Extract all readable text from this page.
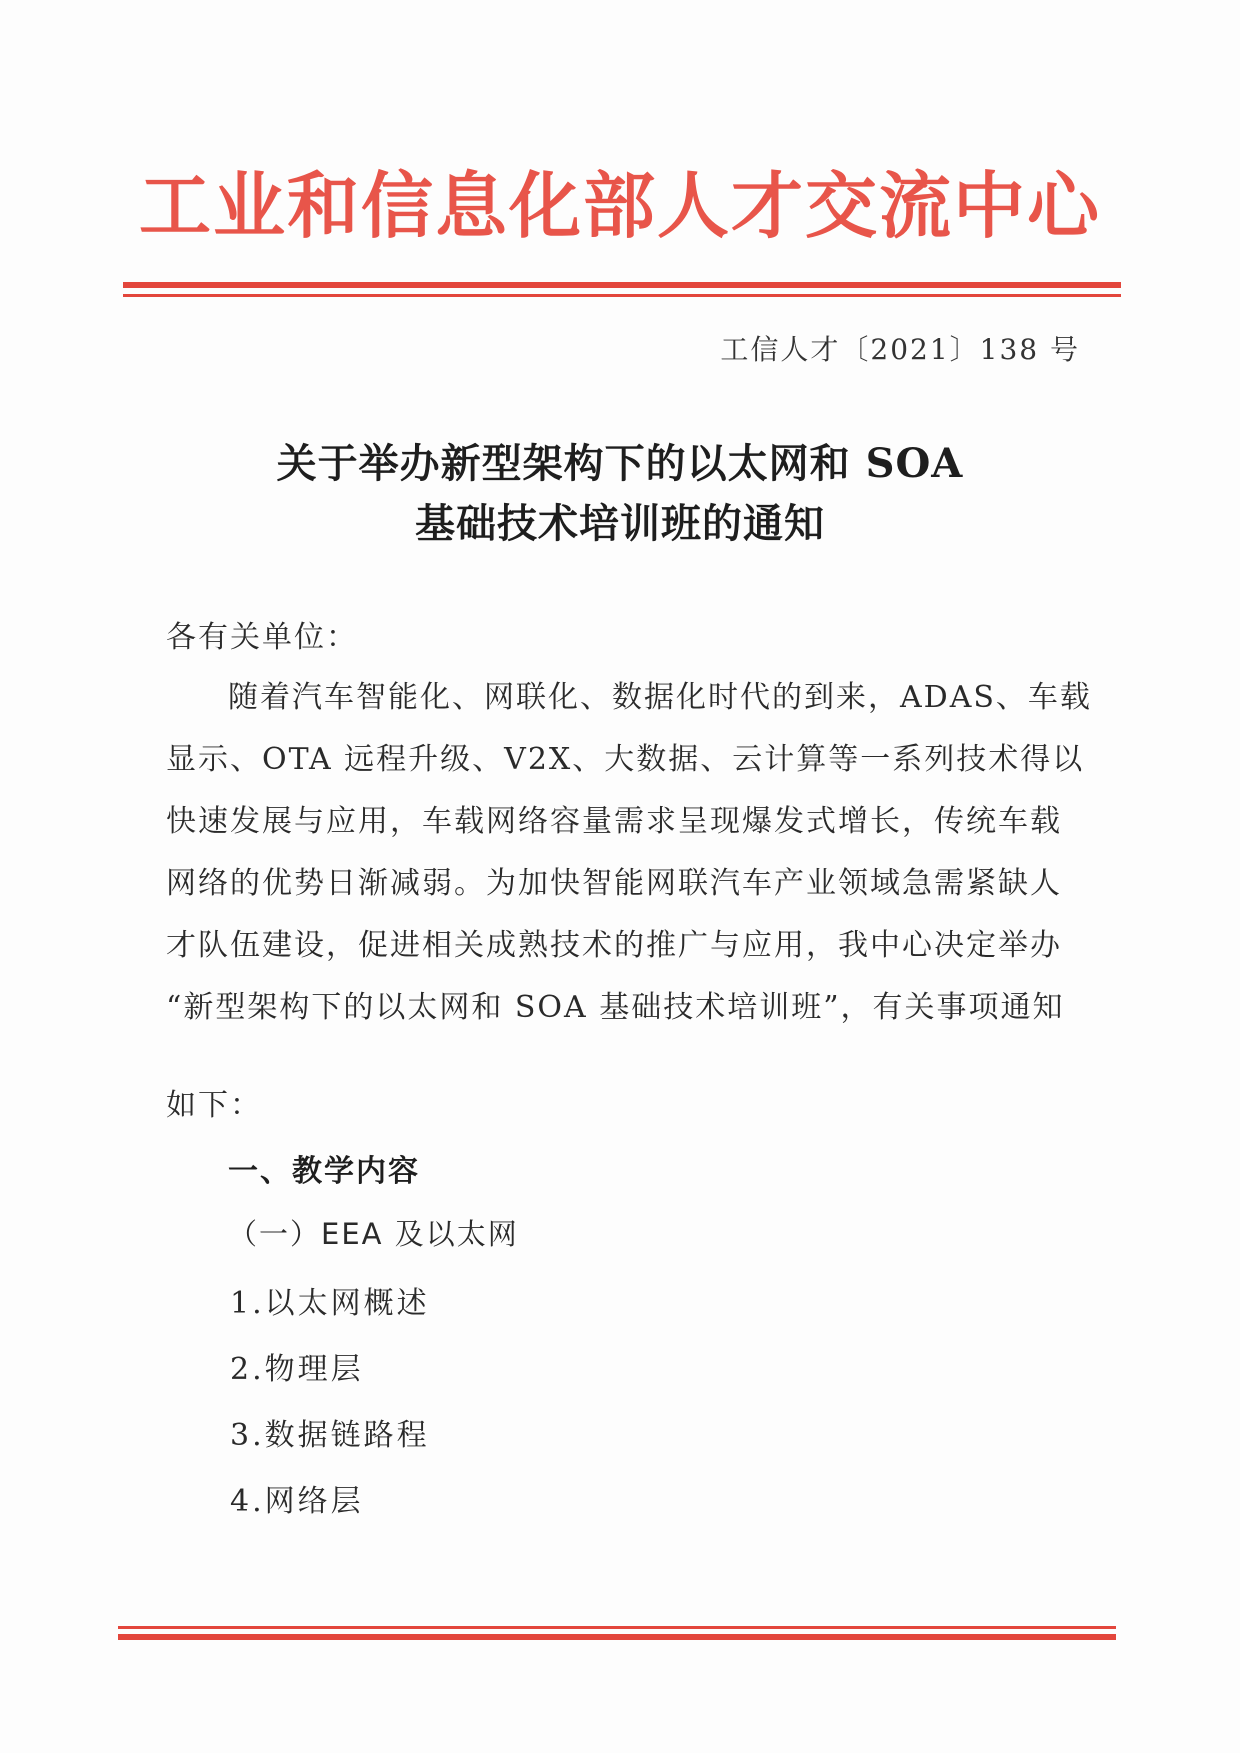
工业和信息化部人才交流中心
工信人才〔2021〕138 号
关于举办新型架构下的以太网和 SOA
基础技术培训班的通知
各有关单位：
随着汽车智能化、网联化、数据化时代的到来，ADAS、车载
显示、OTA 远程升级、V2X、大数据、云计算等一系列技术得以
快速发展与应用，车载网络容量需求呈现爆发式增长，传统车载
网络的优势日渐减弱。为加快智能网联汽车产业领域急需紧缺人
才队伍建设，促进相关成熟技术的推广与应用，我中心决定举办
“新型架构下的以太网和 SOA 基础技术培训班”，有关事项通知
如下：
一、教学内容
（一）EEA 及以太网
1.以太网概述
2.物理层
3.数据链路程
4.网络层
